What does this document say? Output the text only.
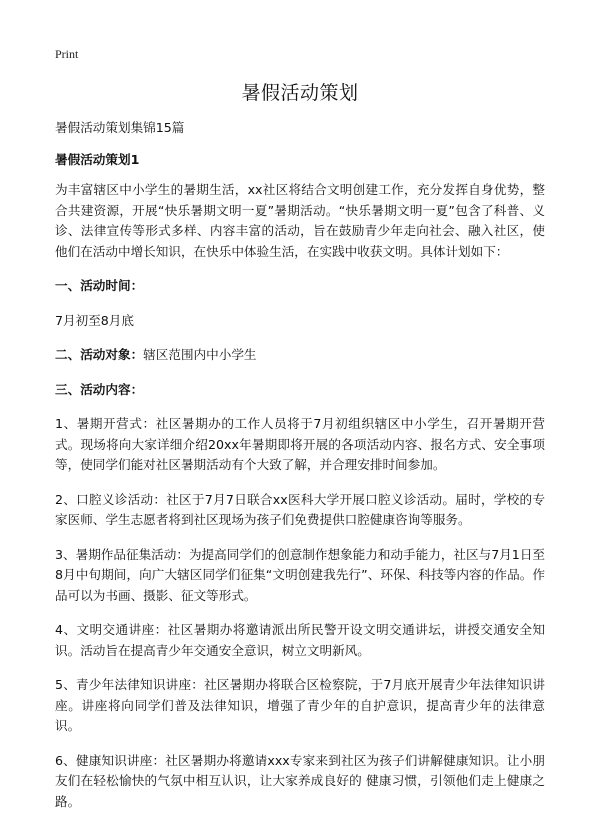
Print
暑假活动策划

暑假活动策划集锦15篇

暑假活动策划1

为丰富辖区中小学生的暑期生活，xx社区将结合文明创建工作，充分发挥自身优势，整合共建资源，开展“快乐暑期文明一夏”暑期活动。“快乐暑期文明一夏”包含了科普、义诊、法律宣传等形式多样、内容丰富的活动，旨在鼓励青少年走向社会、融入社区，使他们在活动中增长知识，在快乐中体验生活，在实践中收获文明。具体计划如下：

一、活动时间：

7月初至8月底

二、活动对象：辖区范围内中小学生

三、活动内容：

1、暑期开营式：社区暑期办的工作人员将于7月初组织辖区中小学生，召开暑期开营式。现场将向大家详细介绍20xx年暑期即将开展的各项活动内容、报名方式、安全事项等，使同学们能对社区暑期活动有个大致了解，并合理安排时间参加。

2、口腔义诊活动：社区于7月7日联合xx医科大学开展口腔义诊活动。届时，学校的专家医师、学生志愿者将到社区现场为孩子们免费提供口腔健康咨询等服务。

3、暑期作品征集活动：为提高同学们的创意制作想象能力和动手能力，社区与7月1日至8月中旬期间，向广大辖区同学们征集“文明创建我先行”、环保、科技等内容的作品。作品可以为书画、摄影、征文等形式。

4、文明交通讲座：社区暑期办将邀请派出所民警开设文明交通讲坛，讲授交通安全知识。活动旨在提高青少年交通安全意识，树立文明新风。

5、青少年法律知识讲座：社区暑期办将联合区检察院，于7月底开展青少年法律知识讲座。讲座将向同学们普及法律知识，增强了青少年的自护意识，提高青少年的法律意识。

6、健康知识讲座：社区暑期办将邀请xxx专家来到社区为孩子们讲解健康知识。让小朋友们在轻松愉快的气氛中相互认识，让大家养成良好的 健康习惯，引领他们走上健康之路。
